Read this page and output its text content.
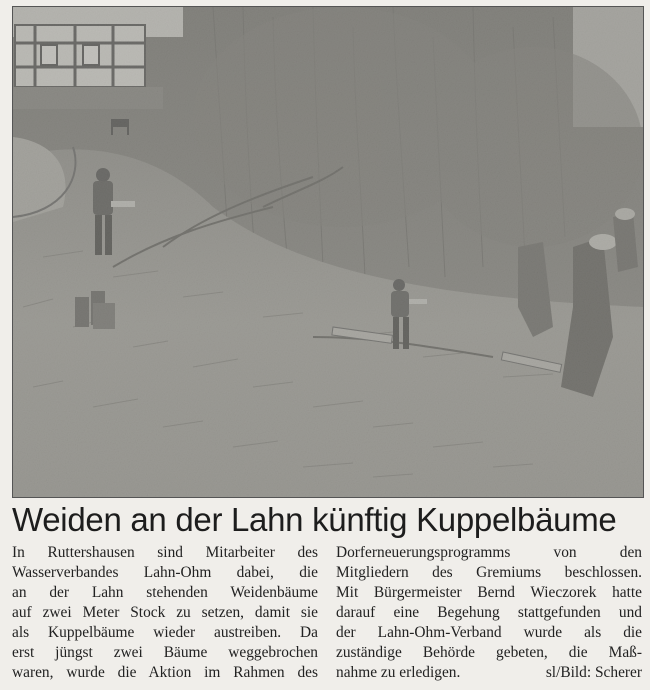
Weiden an der Lahn künftig Kuppelbäume
In Ruttershausen sind Mitarbeiter des
Wasserverbandes Lahn-Ohm dabei, die
an der Lahn stehenden Weidenbäume
auf zwei Meter Stock zu setzen, damit sie
als Kuppelbäume wieder austreiben. Da
erst jüngst zwei Bäume weggebrochen
waren, wurde die Aktion im Rahmen des
Dorferneuerungsprogramms von den
Mitgliedern des Gremiums beschlossen.
Mit Bürgermeister Bernd Wieczorek hatte
darauf eine Begehung stattgefunden und
der Lahn-Ohm-Verband wurde als die
zuständige Behörde gebeten, die Maß-
nahme zu erledigen.	sl/Bild: Scherer
